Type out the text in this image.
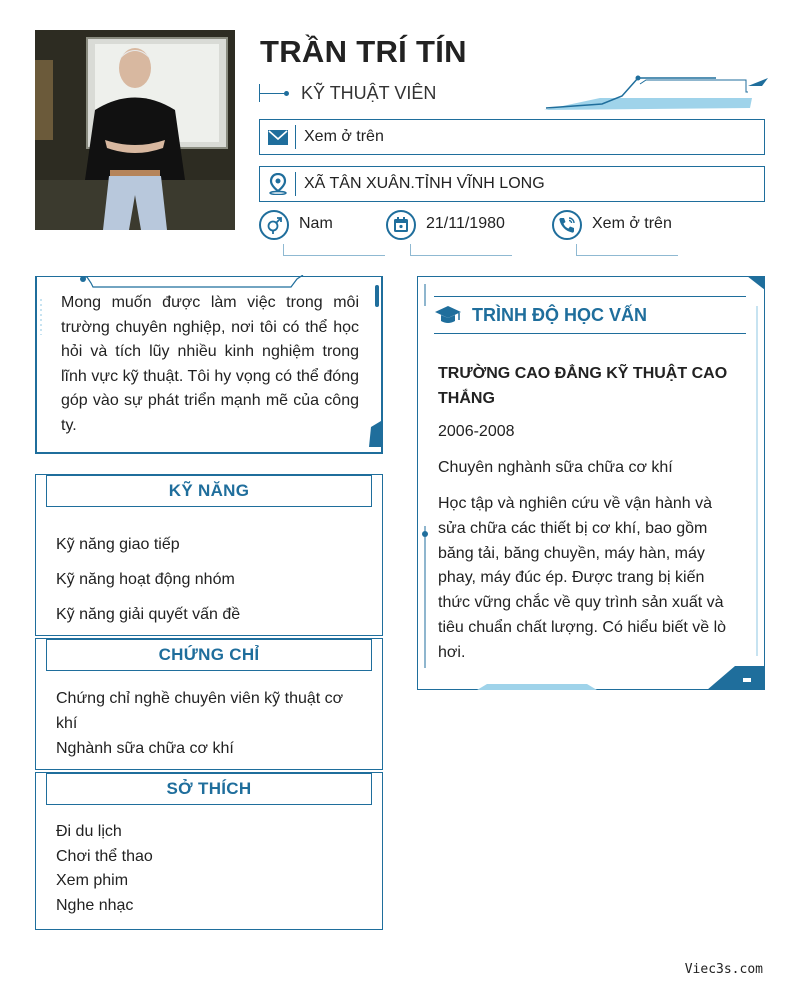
TRẦN TRÍ TÍN
KỸ THUẬT VIÊN
Xem ở trên
XÃ TÂN XUÂN.TỈNH VĨNH LONG
Nam	21/11/1980	Xem ở trên

Mong muốn được làm việc trong môi trường chuyên nghiệp, nơi tôi có thể học hỏi và tích lũy nhiều kinh nghiệm trong lĩnh vực kỹ thuật. Tôi hy vọng có thể đóng góp vào sự phát triển mạnh mẽ của công ty.

KỸ NĂNG
Kỹ năng giao tiếp
Kỹ năng hoạt động nhóm
Kỹ năng giải quyết vấn đề
CHỨNG CHỈ
Chứng chỉ nghề chuyên viên kỹ thuật cơ
khí
Nghành sữa chữa cơ khí
SỞ THÍCH
Đi du lịch
Chơi thể thao
Xem phim
Nghe nhạc
TRÌNH ĐỘ HỌC VẤN
TRƯỜNG CAO ĐẲNG KỸ THUẬT CAO
THẮNG
2006-2008
Chuyên nghành sữa chữa cơ khí
Học tập và nghiên cứu về vận hành và
sửa chữa các thiết bị cơ khí, bao gồm
băng tải, băng chuyền, máy hàn, máy
phay, máy đúc ép. Được trang bị kiến
thức vững chắc về quy trình sản xuất và
tiêu chuẩn chất lượng. Có hiểu biết về lò
hơi.
Viec3s.com
